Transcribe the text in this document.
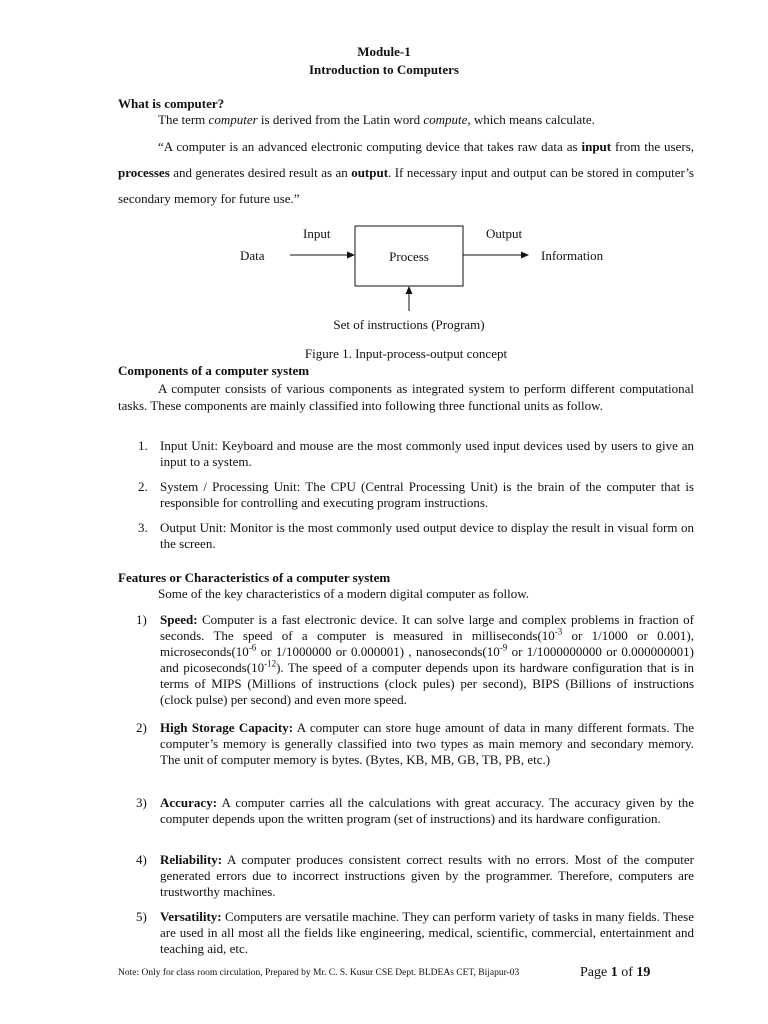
Module-1
Introduction to Computers
What is computer?
The term computer is derived from the Latin word compute, which means calculate.
“A computer is an advanced electronic computing device that takes raw data as input from the users, processes and generates desired result as an output. If necessary input and output can be stored in computer’s secondary memory for future use.”
Input	Output
Data	Process	Information
Set of instructions (Program)
Figure 1. Input-process-output concept
Components of a computer system
A computer consists of various components as integrated system to perform different computational tasks. These components are mainly classified into following three functional units as follow.
1. Input Unit: Keyboard and mouse are the most commonly used input devices used by users to give an input to a system.
2. System / Processing Unit: The CPU (Central Processing Unit) is the brain of the computer that is responsible for controlling and executing program instructions.
3. Output Unit: Monitor is the most commonly used output device to display the result in visual form on the screen.
Features or Characteristics of a computer system
Some of the key characteristics of a modern digital computer as follow.
1) Speed: Computer is a fast electronic device. It can solve large and complex problems in fraction of seconds. The speed of a computer is measured in $milliseconds(10^{-3}$ or 1/1000 or 0.001), $microseconds(10^{-6}$ or 1/1000000 or 0.000001) , $nanoseconds(10^{-9}$ or 1/1000000000 or 0.000000001) and $picoseconds(10^{-12})$. The speed of a computer depends upon its hardware configuration that is in terms of MIPS (Millions of instructions (clock pules) per second), BIPS (Billions of instructions (clock pulse) per second) and even more speed.
2) High Storage Capacity: A computer can store huge amount of data in many different formats. The computer’s memory is generally classified into two types as main memory and secondary memory. The unit of computer memory is bytes. (Bytes, KB, MB, GB, TB, PB, etc.)
3) Accuracy: A computer carries all the calculations with great accuracy. The accuracy given by the computer depends upon the written program (set of instructions) and its hardware configuration.
4) Reliability: A computer produces consistent correct results with no errors. Most of the computer generated errors due to incorrect instructions given by the programmer. Therefore, computers are trustworthy machines.
5) Versatility: Computers are versatile machine. They can perform variety of tasks in many fields. These are used in all most all the fields like engineering, medical, scientific, commercial, entertainment and teaching aid, etc.
Note: Only for class room circulation, Prepared by Mr. C. S. Kusur CSE Dept. BLDEAs CET, Bijapur-03	Page 1 of 19
